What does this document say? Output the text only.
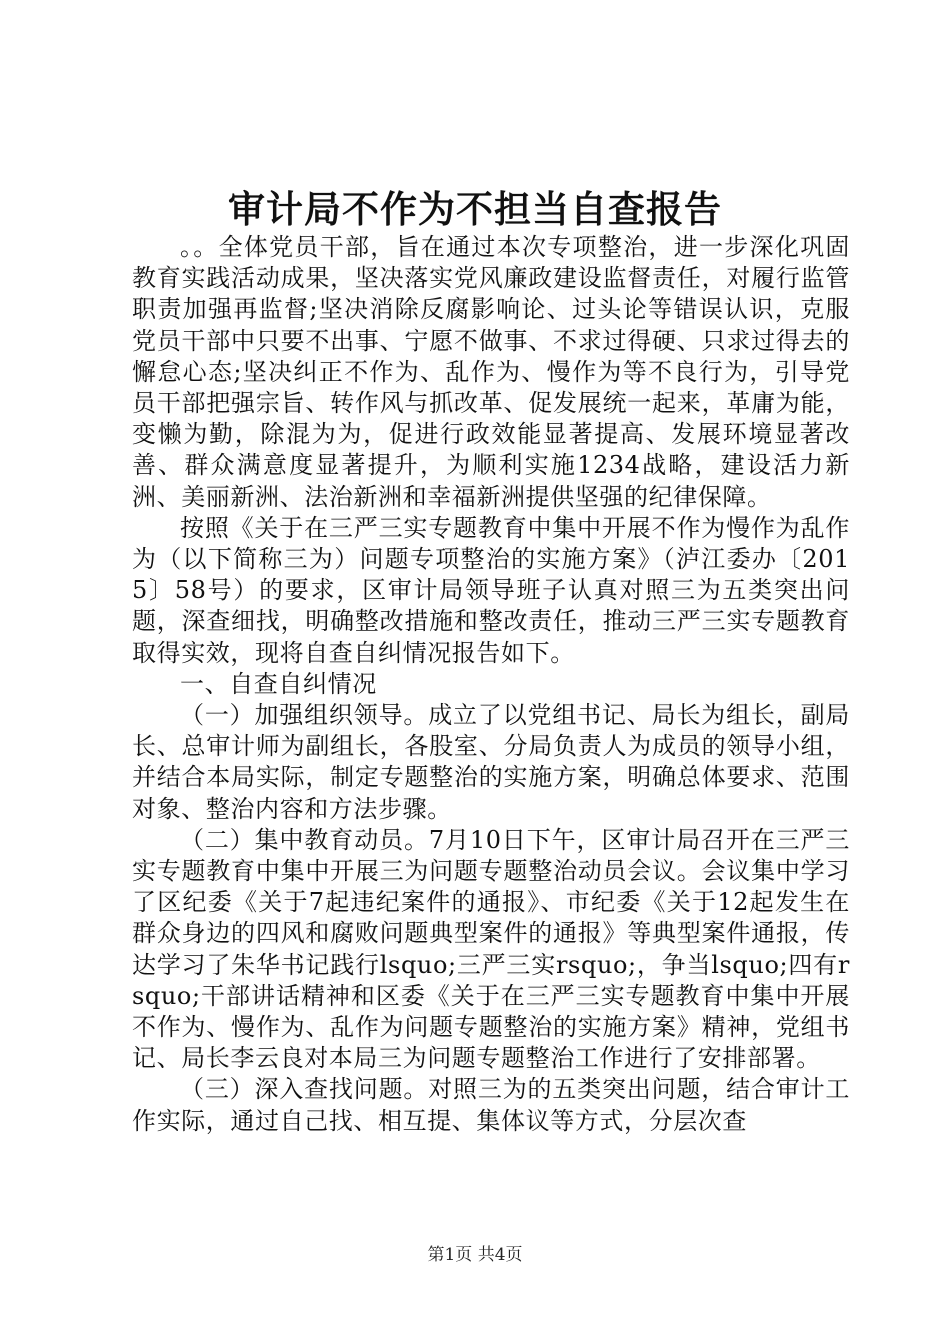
审计局不作为不担当自查报告

。。全体党员干部，旨在通过本次专项整治，进一步深化巩固教育实践活动成果，坚决落实党风廉政建设监督责任，对履行监管职责加强再监督;坚决消除反腐影响论、过头论等错误认识，克服党员干部中只要不出事、宁愿不做事、不求过得硬、只求过得去的懈怠心态;坚决纠正不作为、乱作为、慢作为等不良行为，引导党员干部把强宗旨、转作风与抓改革、促发展统一起来，革庸为能，变懒为勤，除混为为，促进行政效能显著提高、发展环境显著改善、群众满意度显著提升，为顺利实施1234战略，建设活力新洲、美丽新洲、法治新洲和幸福新洲提供坚强的纪律保障。

按照《关于在三严三实专题教育中集中开展不作为慢作为乱作为（以下简称三为）问题专项整治的实施方案》（泸江委办〔2015〕58号）的要求，区审计局领导班子认真对照三为五类突出问题，深查细找，明确整改措施和整改责任，推动三严三实专题教育取得实效，现将自查自纠情况报告如下。

一、自查自纠情况

（一）加强组织领导。成立了以党组书记、局长为组长，副局长、总审计师为副组长，各股室、分局负责人为成员的领导小组，并结合本局实际，制定专题整治的实施方案，明确总体要求、范围对象、整治内容和方法步骤。

（二）集中教育动员。7月10日下午，区审计局召开在三严三实专题教育中集中开展三为问题专题整治动员会议。会议集中学习了区纪委《关于7起违纪案件的通报》、市纪委《关于12起发生在群众身边的四风和腐败问题典型案件的通报》等典型案件通报，传达学习了朱华书记践行lsquo;三严三实rsquo;，争当lsquo;四有rsquo;干部讲话精神和区委《关于在三严三实专题教育中集中开展不作为、慢作为、乱作为问题专题整治的实施方案》精神，党组书记、局长李云良对本局三为问题专题整治工作进行了安排部署。

（三）深入查找问题。对照三为的五类突出问题，结合审计工作实际，通过自己找、相互提、集体议等方式，分层次查

第1页 共4页
